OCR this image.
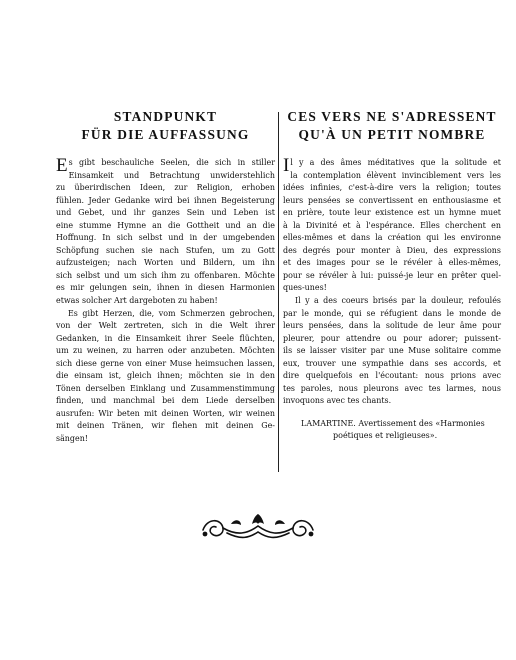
STANDPUNKT
FÜR DIE AUFFASSUNG
E s gibt beschauliche Seelen, die sich in stiller
Einsamkeit und Betrachtung unwiderstehlich
zu überirdischen Ideen, zur Religion, erhoben
fühlen. Jeder Gedanke wird bei ihnen Begeisterung
und Gebet, und ihr ganzes Sein und Leben ist
eine stumme Hymne an die Gottheit und an die
Hoffnung. In sich selbst und in der umgebenden
Schöpfung suchen sie nach Stufen, um zu Gott
aufzusteigen; nach Worten und Bildern, um ihn
sich selbst und um sich ihm zu offenbaren. Möchte
es mir gelungen sein, ihnen in diesen Harmonien
etwas solcher Art dargeboten zu haben!
Es gibt Herzen, die, vom Schmerzen gebrochen,
von der Welt zertreten, sich in die Welt ihrer
Gedanken, in die Einsamkeit ihrer Seele flüchten,
um zu weinen, zu harren oder anzubeten. Möchten
sich diese gerne von einer Muse heimsuchen lassen,
die einsam ist, gleich ihnen; möchten sie in den
Tönen derselben Einklang und Zusammenstimmung
finden, und manchmal bei dem Liede derselben
ausrufen: Wir beten mit deinen Worten, wir weinen
mit deinen Tränen, wir flehen mit deinen Ge-
sängen!
CES VERS NE S'ADRESSENT
QU'À UN PETIT NOMBRE
I l y a des âmes méditatives que la solitude et
la contemplation élèvent invinciblement vers les
idées infinies, c'est-à-dire vers la religion; toutes
leurs pensées se convertissent en enthousiasme et
en prière, toute leur existence est un hymne muet
à la Divinité et à l'espérance. Elles cherchent en
elles-mêmes et dans la création qui les environne
des degrés pour monter à Dieu, des expressions
et des images pour se le révéler à elles-mêmes,
pour se révéler à lui: puissé-je leur en prêter quel-
ques-unes!
Il y a des coeurs brisés par la douleur, refoulés
par le monde, qui se réfugient dans le monde de
leurs pensées, dans la solitude de leur âme pour
pleurer, pour attendre ou pour adorer; puissent-
ils se laisser visiter par une Muse solitaire comme
eux, trouver une sympathie dans ses accords, et
dire quelquefois en l'écoutant: nous prions avec
tes paroles, nous pleurons avec tes larmes, nous
invoquons avec tes chants.
LAMARTINE. Avertissement des «Harmonies
poétiques et religieuses».
